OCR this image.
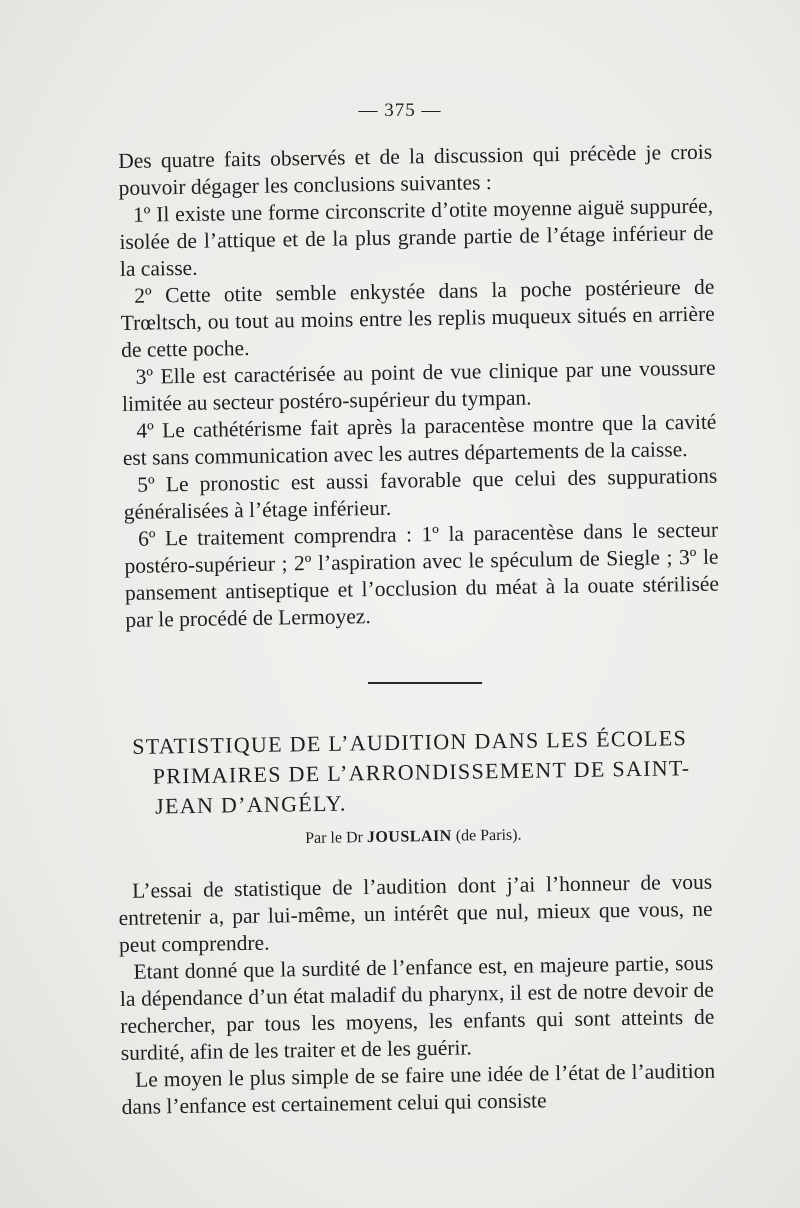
— 375 —

Des quatre faits observés et de la discussion qui précède je crois pouvoir dégager les conclusions suivantes :

1º Il existe une forme circonscrite d’otite moyenne aiguë suppurée, isolée de l’attique et de la plus grande partie de l’étage inférieur de la caisse.

2º Cette otite semble enkystée dans la poche postérieure de Trœltsch, ou tout au moins entre les replis muqueux situés en arrière de cette poche.

3º Elle est caractérisée au point de vue clinique par une voussure limitée au secteur postéro-supérieur du tympan.

4º Le cathétérisme fait après la paracentèse montre que la cavité est sans communication avec les autres départements de la caisse.

5º Le pronostic est aussi favorable que celui des suppurations généralisées à l’étage inférieur.

6º Le traitement comprendra : 1º la paracentèse dans le secteur postéro-supérieur ; 2º l’aspiration avec le spéculum de Siegle ; 3º le pansement antiseptique et l’occlusion du méat à la ouate stérilisée par le procédé de Lermoyez.

STATISTIQUE DE L’AUDITION DANS LES ÉCOLES
PRIMAIRES DE L’ARRONDISSEMENT DE SAINT-
JEAN D’ANGÉLY.
Par le Dr JOUSLAIN (de Paris).

L’essai de statistique de l’audition dont j’ai l’honneur de vous entretenir a, par lui-même, un intérêt que nul, mieux que vous, ne peut comprendre.

Etant donné que la surdité de l’enfance est, en majeure partie, sous la dépendance d’un état maladif du pharynx, il est de notre devoir de rechercher, par tous les moyens, les enfants qui sont atteints de surdité, afin de les traiter et de les guérir.

Le moyen le plus simple de se faire une idée de l’état de l’audition dans l’enfance est certainement celui qui consiste
